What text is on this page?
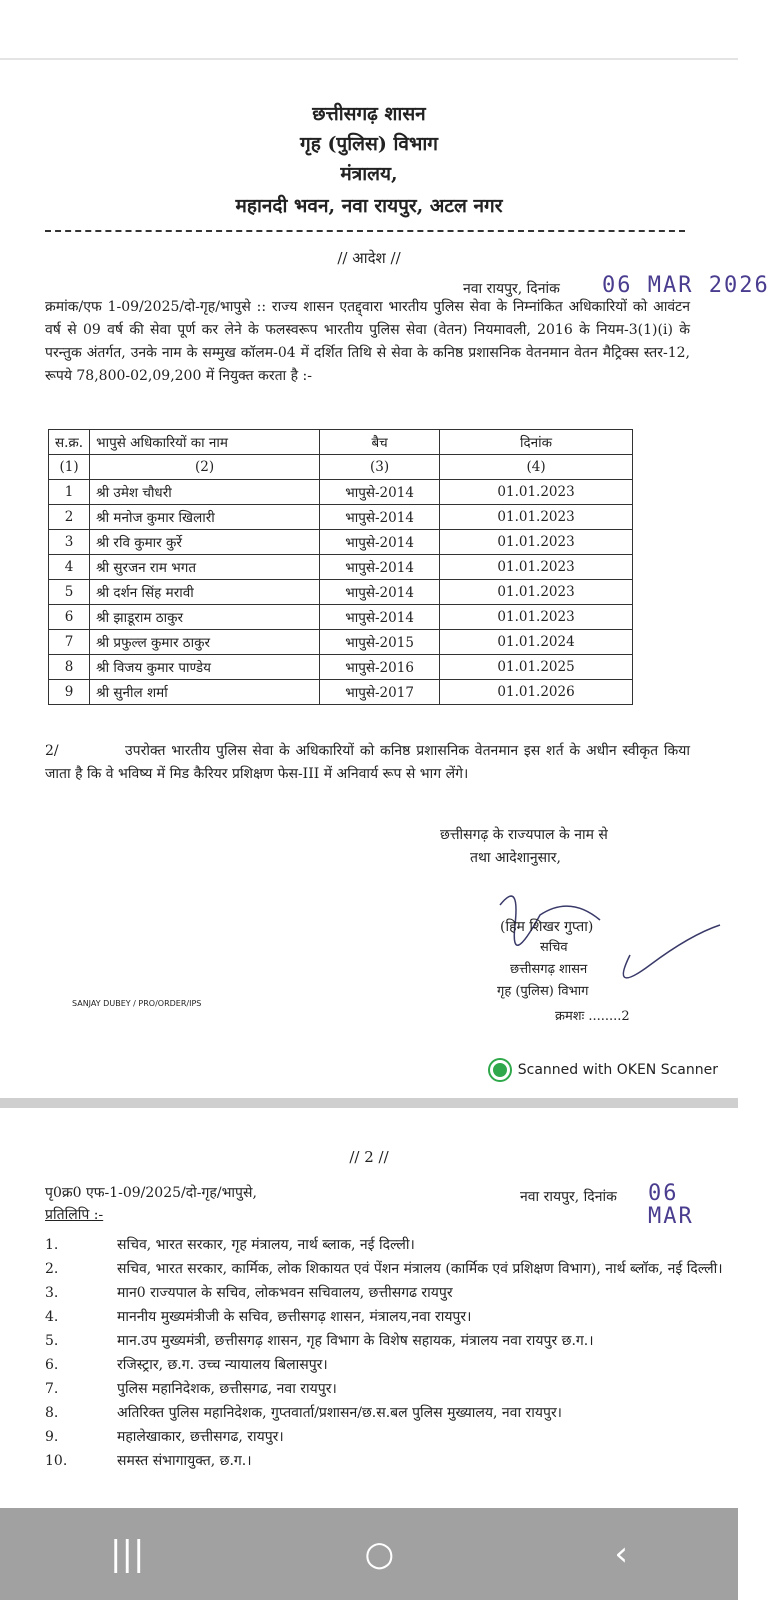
छत्तीसगढ़ शासन
गृह (पुलिस) विभाग
मंत्रालय,
महानदी भवन, नवा रायपुर, अटल नगर
// आदेश //
नवा रायपुर, दिनांक 06 MAR 2026
क्रमांक/एफ 1-09/2025/दो-गृह/भापुसे :: राज्य शासन एतद्द्वारा भारतीय पुलिस सेवा के निम्नांकित अधिकारियों को आवंटन वर्ष से 09 वर्ष की सेवा पूर्ण कर लेने के फलस्वरूप भारतीय पुलिस सेवा (वेतन) नियमावली, 2016 के नियम-3(1)(i) के परन्तुक अंतर्गत, उनके नाम के सम्मुख कॉलम-04 में दर्शित तिथि से सेवा के कनिष्ठ प्रशासनिक वेतनमान वेतन मैट्रिक्स स्तर-12, रूपये 78,800-02,09,200 में नियुक्त करता है :-
स.क्र.	भापुसे अधिकारियों का नाम	बैच	दिनांक
(1)	(2)	(3)	(4)
1	श्री उमेश चौधरी	भापुसे-2014	01.01.2023
2	श्री मनोज कुमार खिलारी	भापुसे-2014	01.01.2023
3	श्री रवि कुमार कुर्रे	भापुसे-2014	01.01.2023
4	श्री सुरजन राम भगत	भापुसे-2014	01.01.2023
5	श्री दर्शन सिंह मरावी	भापुसे-2014	01.01.2023
6	श्री झाडूराम ठाकुर	भापुसे-2014	01.01.2023
7	श्री प्रफुल्ल कुमार ठाकुर	भापुसे-2015	01.01.2024
8	श्री विजय कुमार पाण्डेय	भापुसे-2016	01.01.2025
9	श्री सुनील शर्मा	भापुसे-2017	01.01.2026
2/	उपरोक्त भारतीय पुलिस सेवा के अधिकारियों को कनिष्ठ प्रशासनिक वेतनमान इस शर्त के अधीन स्वीकृत किया जाता है कि वे भविष्य में मिड कैरियर प्रशिक्षण फेस-III में अनिवार्य रूप से भाग लेंगे।
छत्तीसगढ़ के राज्यपाल के नाम से
तथा आदेशानुसार,
(हिम शिखर गुप्ता)
सचिव
छत्तीसगढ़ शासन
गृह (पुलिस) विभाग
क्रमशः ........2
SANJAY DUBEY / PRO/ORDER/IPS
Scanned with OKEN Scanner
// 2 //
पृ0क्र0 एफ-1-09/2025/दो-गृह/भापुसे,	नवा रायपुर, दिनांक 06 MAR
प्रतिलिपि :-
1.	सचिव, भारत सरकार, गृह मंत्रालय, नार्थ ब्लाक, नई दिल्ली।
2.	सचिव, भारत सरकार, कार्मिक, लोक शिकायत एवं पेंशन मंत्रालय (कार्मिक एवं प्रशिक्षण विभाग), नार्थ ब्लॉक, नई दिल्ली।
3.	मान0 राज्यपाल के सचिव, लोकभवन सचिवालय, छत्तीसगढ रायपुर
4.	माननीय मुख्यमंत्रीजी के सचिव, छत्तीसगढ़ शासन, मंत्रालय,नवा रायपुर।
5.	मान.उप मुख्यमंत्री, छत्तीसगढ़ शासन, गृह विभाग के विशेष सहायक, मंत्रालय नवा रायपुर छ.ग.।
6.	रजिस्ट्रार, छ.ग. उच्च न्यायालय बिलासपुर।
7.	पुलिस महानिदेशक, छत्तीसगढ, नवा रायपुर।
8.	अतिरिक्त पुलिस महानिदेशक, गुप्तवार्ता/प्रशासन/छ.स.बल पुलिस मुख्यालय, नवा रायपुर।
9.	महालेखाकार, छत्तीसगढ, रायपुर।
10.	समस्त संभागायुक्त, छ.ग.।
|||	○	‹
